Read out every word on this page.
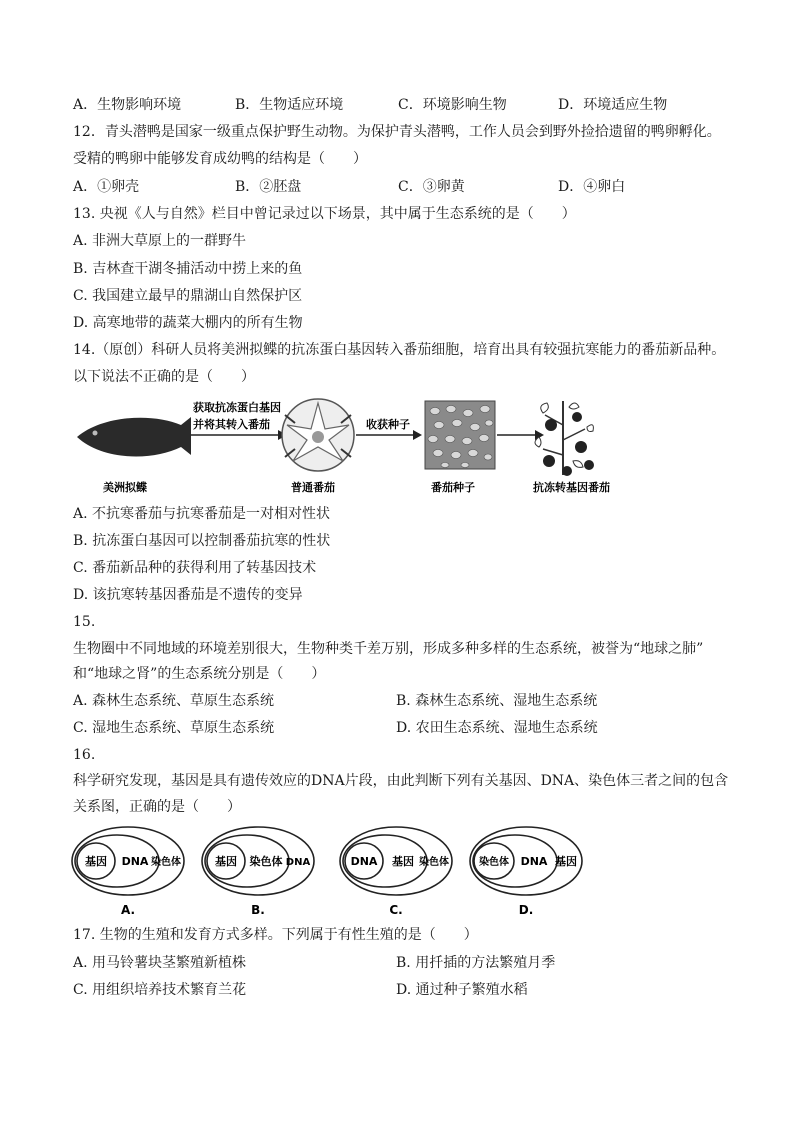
A．生物影响环境	B．生物适应环境	C．环境影响生物	D．环境适应生物
12．青头潜鸭是国家一级重点保护野生动物。为保护青头潜鸭，工作人员会到野外捡拾遗留的鸭卵孵化。
受精的鸭卵中能够发育成幼鸭的结构是（　　）
A．①卵壳	B．②胚盘	C．③卵黄	D．④卵白
13. 央视《人与自然》栏目中曾记录过以下场景，其中属于生态系统的是（　　）
A. 非洲大草原上的一群野牛
B. 吉林查干湖冬捕活动中捞上来的鱼
C. 我国建立最早的鼎湖山自然保护区
D. 高寒地带的蔬菜大棚内的所有生物
14.（原创）科研人员将美洲拟鲽的抗冻蛋白基因转入番茄细胞，培育出具有较强抗寒能力的番茄新品种。
以下说法不正确的是（　　）
美洲拟鲽
获取抗冻蛋白基因
并将其转入番茄
普通番茄
收获种子
番茄种子	抗冻转基因番茄
A. 不抗寒番茄与抗寒番茄是一对相对性状
B. 抗冻蛋白基因可以控制番茄抗寒的性状
C. 番茄新品种的获得利用了转基因技术
D. 该抗寒转基因番茄是不遗传的变异
15.
生物圈中不同地域的环境差别很大，生物种类千差万别，形成多种多样的生态系统，被誉为“地球之肺”
和“地球之肾”的生态系统分别是（　　）
A. 森林生态系统、草原生态系统	B. 森林生态系统、湿地生态系统
C. 湿地生态系统、草原生态系统	D. 农田生态系统、湿地生态系统
16.
科学研究发现，基因是具有遗传效应的DNA片段，由此判断下列有关基因、DNA、染色体三者之间的包含
关系图，正确的是（　　）
基因 DNA 染色体
A.
基因 染色体 DNA
B.
DNA 基因 染色体
C.
染色体 DNA 基因
D.
17. 生物的生殖和发育方式多样。下列属于有性生殖的是（　　）
A. 用马铃薯块茎繁殖新植株	B. 用扦插的方法繁殖月季
C. 用组织培养技术繁育兰花	D. 通过种子繁殖水稻
